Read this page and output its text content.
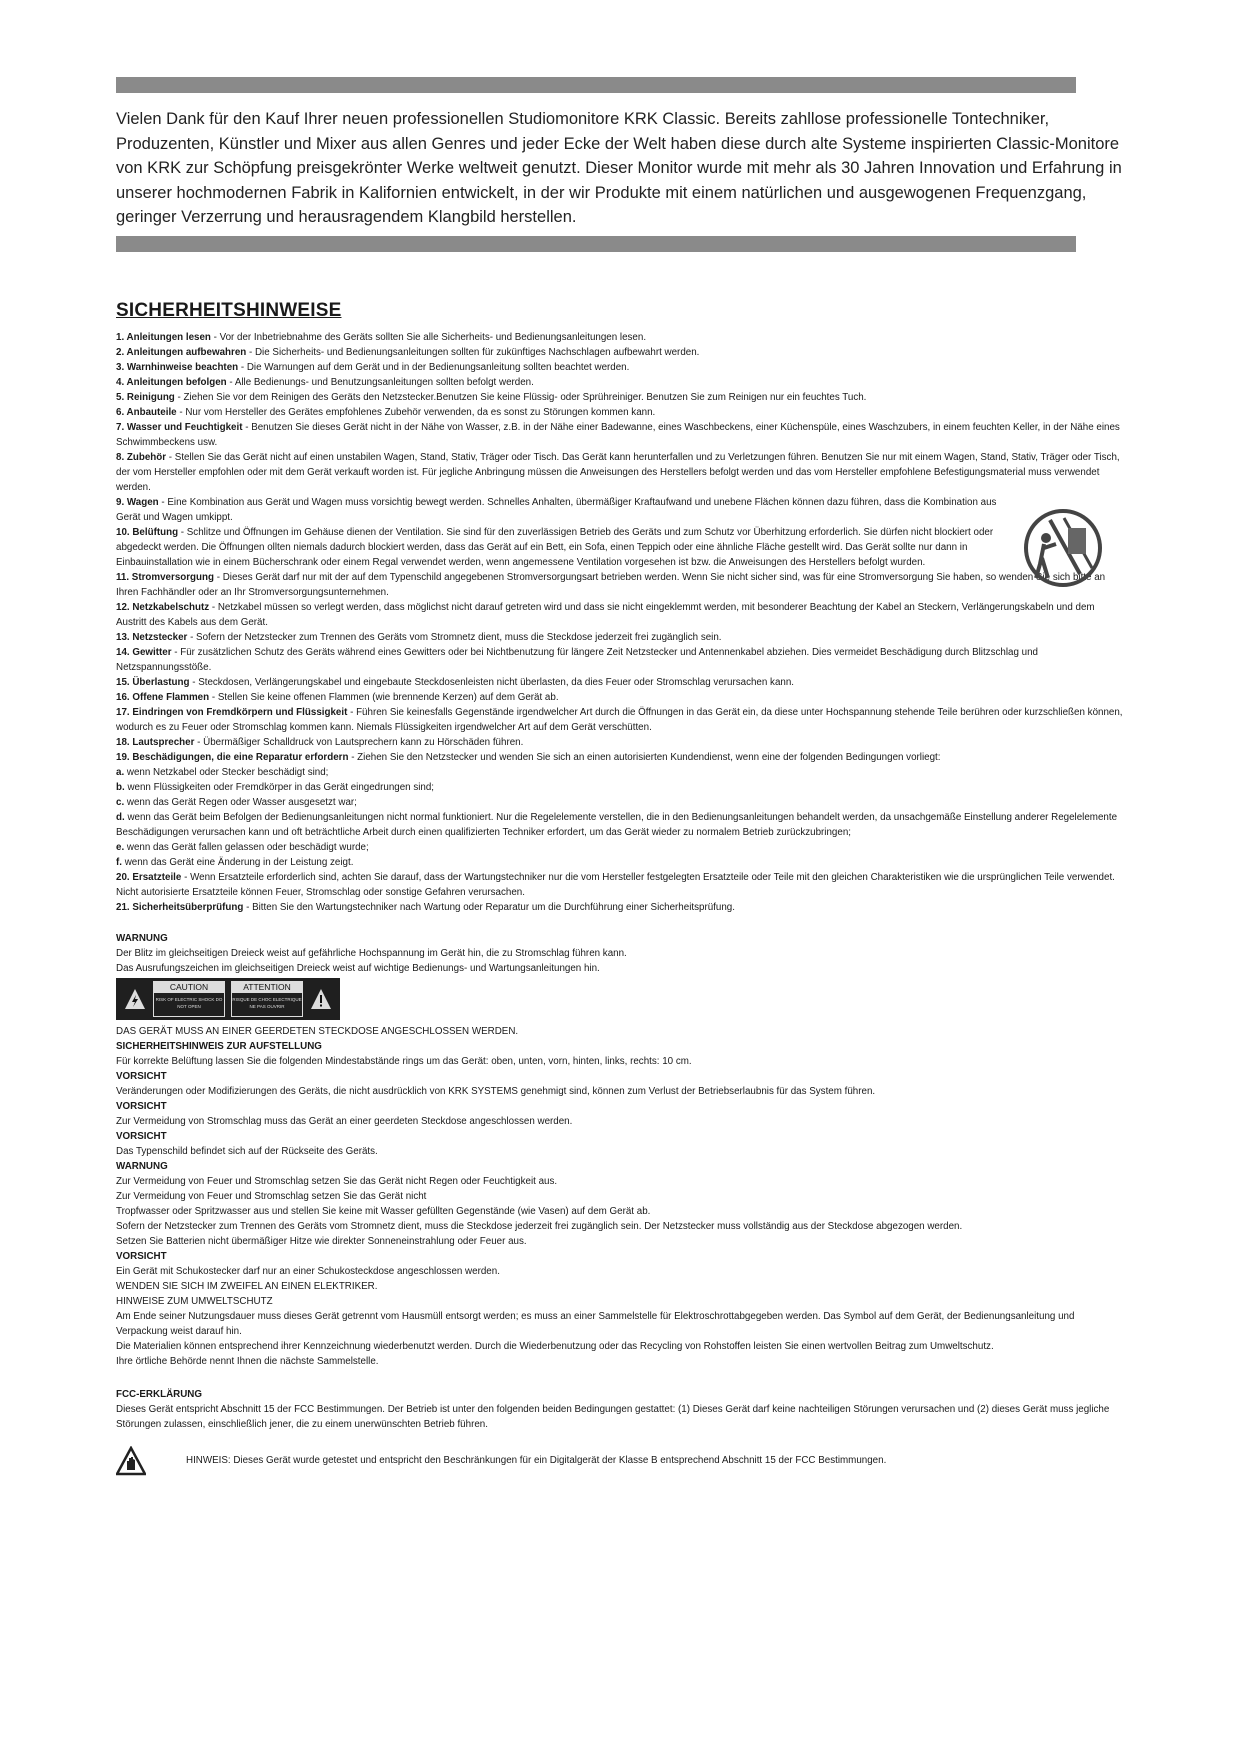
Vielen Dank für den Kauf Ihrer neuen professionellen Studiomonitore KRK Classic. Bereits zahllose professionelle Tontechniker, Produzenten, Künstler und Mixer aus allen Genres und jeder Ecke der Welt haben diese durch alte Systeme inspirierten Classic-Monitore von KRK zur Schöpfung preisgekrönter Werke weltweit genutzt. Dieser Monitor wurde mit mehr als 30 Jahren Innovation und Erfahrung in unserer hochmodernen Fabrik in Kalifornien entwickelt, in der wir Produkte mit einem natürlichen und ausgewogenen Frequenzgang, geringer Verzerrung und herausragendem Klangbild herstellen.

SICHERHEITSHINWEISE

1. Anleitungen lesen - Vor der Inbetriebnahme des Geräts sollten Sie alle Sicherheits- und Bedienungsanleitungen lesen.

2. Anleitungen aufbewahren - Die Sicherheits- und Bedienungsanleitungen sollten für zukünftiges Nachschlagen aufbewahrt werden.

3. Warnhinweise beachten - Die Warnungen auf dem Gerät und in der Bedienungsanleitung sollten beachtet werden.

4. Anleitungen befolgen - Alle Bedienungs- und Benutzungsanleitungen sollten befolgt werden.

5. Reinigung - Ziehen Sie vor dem Reinigen des Geräts den Netzstecker.Benutzen Sie keine Flüssig- oder Sprühreiniger. Benutzen Sie zum Reinigen nur ein feuchtes Tuch.

6. Anbauteile - Nur vom Hersteller des Gerätes empfohlenes Zubehör verwenden, da es sonst zu Störungen kommen kann.

7. Wasser und Feuchtigkeit - Benutzen Sie dieses Gerät nicht in der Nähe von Wasser, z.B. in der Nähe einer Badewanne, eines Waschbeckens, einer Küchenspüle, eines Waschzubers, in einem feuchten Keller, in der Nähe eines Schwimmbeckens usw.

8. Zubehör - Stellen Sie das Gerät nicht auf einen unstabilen Wagen, Stand, Stativ, Träger oder Tisch. Das Gerät kann herunterfallen und zu Verletzungen führen. Benutzen Sie nur mit einem Wagen, Stand, Stativ, Träger oder Tisch, der vom Hersteller empfohlen oder mit dem Gerät verkauft worden ist. Für jegliche Anbringung müssen die Anweisungen des Herstellers befolgt werden und das vom Hersteller empfohlene Befestigungsmaterial muss verwendet werden.

9. Wagen - Eine Kombination aus Gerät und Wagen muss vorsichtig bewegt werden. Schnelles Anhalten, übermäßiger Kraftaufwand und unebene Flächen können dazu führen, dass die Kombination aus Gerät und Wagen umkippt.

10. Belüftung - Schlitze und Öffnungen im Gehäuse dienen der Ventilation. Sie sind für den zuverlässigen Betrieb des Geräts und zum Schutz vor Überhitzung erforderlich. Sie dürfen nicht blockiert oder abgedeckt werden. Die Öffnungen ollten niemals dadurch blockiert werden, dass das Gerät auf ein Bett, ein Sofa, einen Teppich oder eine ähnliche Fläche gestellt wird. Das Gerät sollte nur dann in Einbauinstallation wie in einem Bücherschrank oder einem Regal verwendet werden, wenn angemessene Ventilation vorgesehen ist bzw. die Anweisungen des Herstellers befolgt wurden.

11. Stromversorgung - Dieses Gerät darf nur mit der auf dem Typenschild angegebenen Stromversorgungsart betrieben werden. Wenn Sie nicht sicher sind, was für eine Stromversorgung Sie haben, so wenden Sie sich bitte an Ihren Fachhändler oder an Ihr Stromversorgungsunternehmen.

12. Netzkabelschutz - Netzkabel müssen so verlegt werden, dass möglichst nicht darauf getreten wird und dass sie nicht eingeklemmt werden, mit besonderer Beachtung der Kabel an Steckern, Verlängerungskabeln und dem Austritt des Kabels aus dem Gerät.

13. Netzstecker - Sofern der Netzstecker zum Trennen des Geräts vom Stromnetz dient, muss die Steckdose jederzeit frei zugänglich sein.

14. Gewitter - Für zusätzlichen Schutz des Geräts während eines Gewitters oder bei Nichtbenutzung für längere Zeit Netzstecker und Antennenkabel abziehen. Dies vermeidet Beschädigung durch Blitzschlag und Netzspannungsstöße.

15. Überlastung - Steckdosen, Verlängerungskabel und eingebaute Steckdosenleisten nicht überlasten, da dies Feuer oder Stromschlag verursachen kann.

16. Offene Flammen - Stellen Sie keine offenen Flammen (wie brennende Kerzen) auf dem Gerät ab.

17. Eindringen von Fremdkörpern und Flüssigkeit - Führen Sie keinesfalls Gegenstände irgendwelcher Art durch die Öffnungen in das Gerät ein, da diese unter Hochspannung stehende Teile berühren oder kurzschließen können, wodurch es zu Feuer oder Stromschlag kommen kann. Niemals Flüssigkeiten irgendwelcher Art auf dem Gerät verschütten.

18. Lautsprecher - Übermäßiger Schalldruck von Lautsprechern kann zu Hörschäden führen.

19. Beschädigungen, die eine Reparatur erfordern - Ziehen Sie den Netzstecker und wenden Sie sich an einen autorisierten Kundendienst, wenn eine der folgenden Bedingungen vorliegt:

a. wenn Netzkabel oder Stecker beschädigt sind;

b. wenn Flüssigkeiten oder Fremdkörper in das Gerät eingedrungen sind;

c. wenn das Gerät Regen oder Wasser ausgesetzt war;

d. wenn das Gerät beim Befolgen der Bedienungsanleitungen nicht normal funktioniert. Nur die Regelelemente verstellen, die in den Bedienungsanleitungen behandelt werden, da unsachgemäße Einstellung anderer Regelelemente Beschädigungen verursachen kann und oft beträchtliche Arbeit durch einen qualifizierten Techniker erfordert, um das Gerät wieder zu normalem Betrieb zurückzubringen;

e. wenn das Gerät fallen gelassen oder beschädigt wurde;

f. wenn das Gerät eine Änderung in der Leistung zeigt.

20. Ersatzteile - Wenn Ersatzteile erforderlich sind, achten Sie darauf, dass der Wartungstechniker nur die vom Hersteller festgelegten Ersatzteile oder Teile mit den gleichen Charakteristiken wie die ursprünglichen Teile verwendet. Nicht autorisierte Ersatzteile können Feuer, Stromschlag oder sonstige Gefahren verursachen.

21. Sicherheitsüberprüfung - Bitten Sie den Wartungstechniker nach Wartung oder Reparatur um die Durchführung einer Sicherheitsprüfung.

WARNUNG

Der Blitz im gleichseitigen Dreieck weist auf gefährliche Hochspannung im Gerät hin, die zu Stromschlag führen kann.

Das Ausrufungszeichen im gleichseitigen Dreieck weist auf wichtige Bedienungs- und Wartungsanleitungen hin.

CAUTION
RISK OF ELECTRIC SHOCK DO NOT OPEN
ATTENTION
RISQUE DE CHOC ELECTRIQUE NE PAS OUVRIR

DAS GERÄT MUSS AN EINER GEERDETEN STECKDOSE ANGESCHLOSSEN WERDEN.

SICHERHEITSHINWEIS ZUR AUFSTELLUNG

Für korrekte Belüftung lassen Sie die folgenden Mindestabstände rings um das Gerät: oben, unten, vorn, hinten, links, rechts: 10 cm.

VORSICHT

Veränderungen oder Modifizierungen des Geräts, die nicht ausdrücklich von KRK SYSTEMS genehmigt sind, können zum Verlust der Betriebserlaubnis für das System führen.

VORSICHT

Zur Vermeidung von Stromschlag muss das Gerät an einer geerdeten Steckdose angeschlossen werden.

VORSICHT

Das Typenschild befindet sich auf der Rückseite des Geräts.

WARNUNG

Zur Vermeidung von Feuer und Stromschlag setzen Sie das Gerät nicht Regen oder Feuchtigkeit aus.

Zur Vermeidung von Feuer und Stromschlag setzen Sie das Gerät nicht

Tropfwasser oder Spritzwasser aus und stellen Sie keine mit Wasser gefüllten Gegenstände (wie Vasen) auf dem Gerät ab.

Sofern der Netzstecker zum Trennen des Geräts vom Stromnetz dient, muss die Steckdose jederzeit frei zugänglich sein. Der Netzstecker muss vollständig aus der Steckdose abgezogen werden.

Setzen Sie Batterien nicht übermäßiger Hitze wie direkter Sonneneinstrahlung oder Feuer aus.

VORSICHT

Ein Gerät mit Schukostecker darf nur an einer Schukosteckdose angeschlossen werden.

WENDEN SIE SICH IM ZWEIFEL AN EINEN ELEKTRIKER.

HINWEISE ZUM UMWELTSCHUTZ

Am Ende seiner Nutzungsdauer muss dieses Gerät getrennt vom Hausmüll entsorgt werden; es muss an einer Sammelstelle für Elektroschrottabgegeben werden. Das Symbol auf dem Gerät, der Bedienungsanleitung und Verpackung weist darauf hin.

Die Materialien können entsprechend ihrer Kennzeichnung wiederbenutzt werden. Durch die Wiederbenutzung oder das Recycling von Rohstoffen leisten Sie einen wertvollen Beitrag zum Umweltschutz.

Ihre örtliche Behörde nennt Ihnen die nächste Sammelstelle.

FCC-ERKLÄRUNG

Dieses Gerät entspricht Abschnitt 15 der FCC Bestimmungen. Der Betrieb ist unter den folgenden beiden Bedingungen gestattet: (1) Dieses Gerät darf keine nachteiligen Störungen verursachen und (2) dieses Gerät muss jegliche Störungen zulassen, einschließlich jener, die zu einem unerwünschten Betrieb führen.

HINWEIS: Dieses Gerät wurde getestet und entspricht den Beschränkungen für ein Digitalgerät der Klasse B entsprechend Abschnitt 15 der FCC Bestimmungen.
